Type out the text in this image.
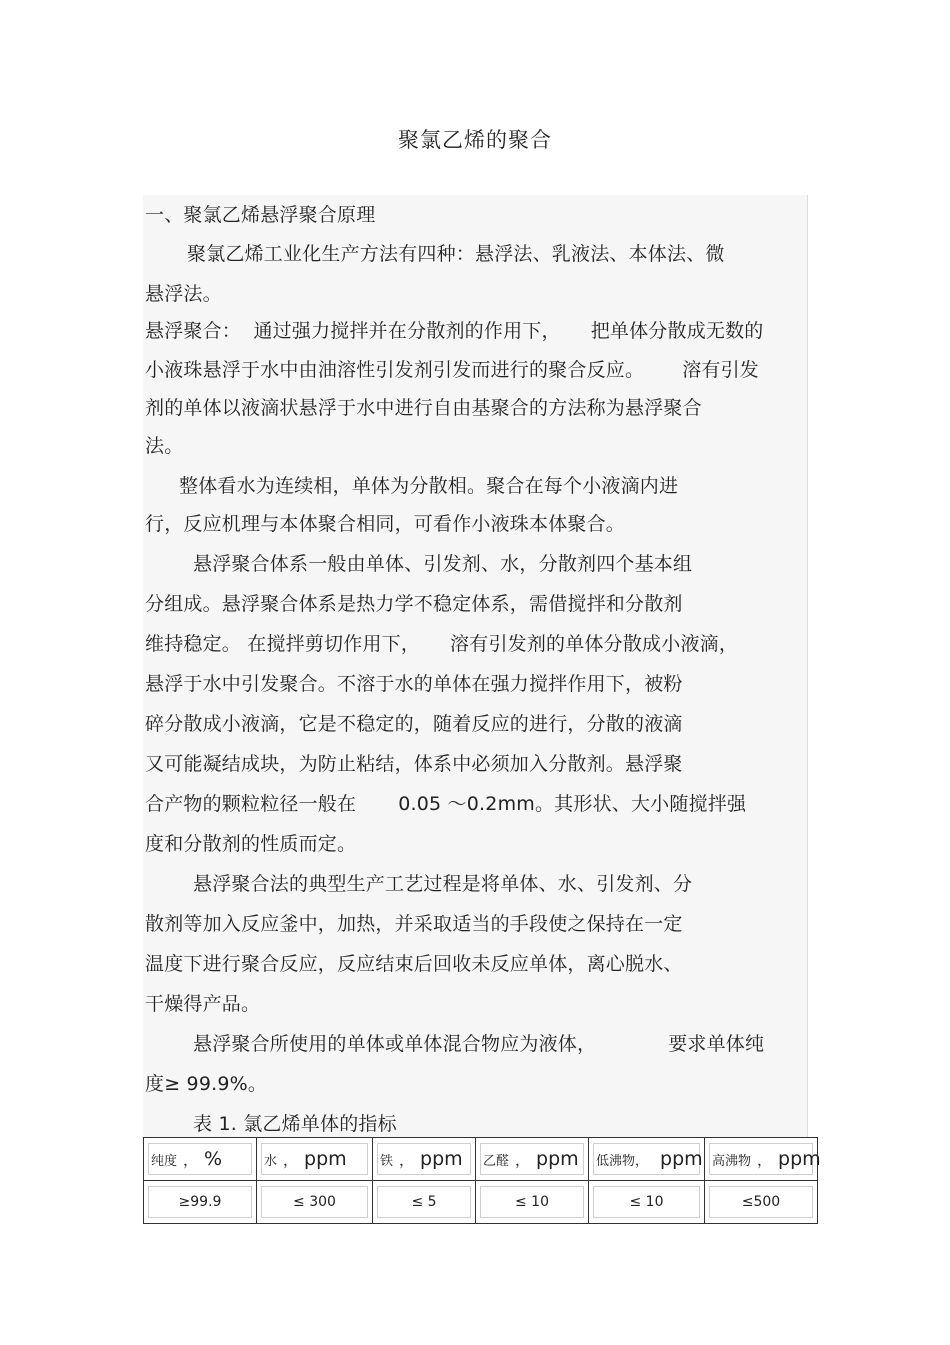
聚氯乙烯的聚合
一、聚氯乙烯悬浮聚合原理
聚氯乙烯工业化生产方法有四种：悬浮法、乳液法、本体法、微
悬浮法。
悬浮聚合：  通过强力搅拌并在分散剂的作用下， 把单体分散成无数的
小液珠悬浮于水中由油溶性引发剂引发而进行的聚合反应。 溶有引发
剂的单体以液滴状悬浮于水中进行自由基聚合的方法称为悬浮聚合
法。
整体看水为连续相，单体为分散相。聚合在每个小液滴内进
行，反应机理与本体聚合相同，可看作小液珠本体聚合。
悬浮聚合体系一般由单体、引发剂、水，分散剂四个基本组
分组成。悬浮聚合体系是热力学不稳定体系，需借搅拌和分散剂
维持稳定。 在搅拌剪切作用下， 溶有引发剂的单体分散成小液滴，
悬浮于水中引发聚合。不溶于水的单体在强力搅拌作用下，被粉
碎分散成小液滴，它是不稳定的，随着反应的进行，分散的液滴
又可能凝结成块，为防止粘结，体系中必须加入分散剂。悬浮聚
合产物的颗粒粒径一般在 0.05 ～0.2mm。其形状、大小随搅拌强
度和分散剂的性质而定。
悬浮聚合法的典型生产工艺过程是将单体、水、引发剂、分
散剂等加入反应釜中，加热，并采取适当的手段使之保持在一定
温度下进行聚合反应，反应结束后回收未反应单体，离心脱水、
干燥得产品。
悬浮聚合所使用的单体或单体混合物应为液体，	要求单体纯
度≥ 99.9%。
表 1. 氯乙烯单体的指标
纯度 ， %	水 ， ppm	铁 ， ppm	乙醛 ， ppm	低沸物， ppm	高沸物 ， ppm

≥99.9	≤ 300	≤ 5	≤ 10	≤ 10	≤500
